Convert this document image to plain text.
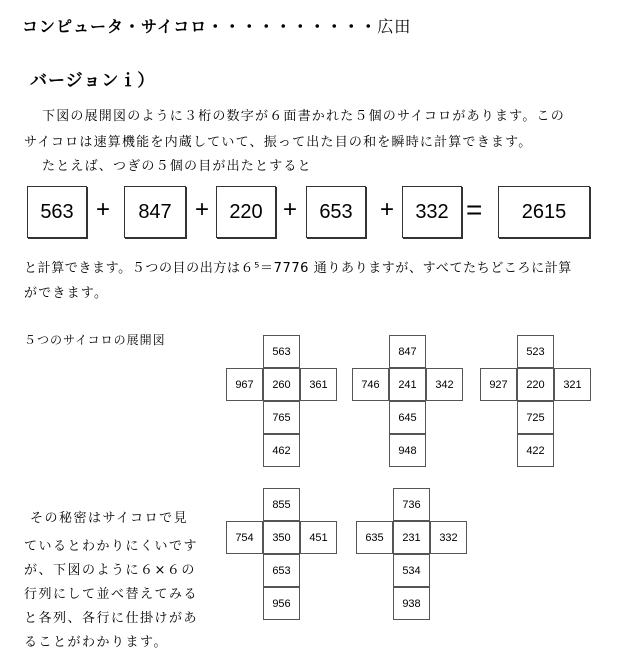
コンピュータ・サイコロ・・・・・・・・・・広田
バージョンｉ）
下図の展開図のように３桁の数字が６面書かれた５個のサイコロがあります。この
サイコロは速算機能を内蔵していて、振って出た目の和を瞬時に計算できます。
たとえば、つぎの５個の目が出たとすると
563 +	847 +	220 +	653	+	332 =	2615
と計算できます。５つの目の出方は６⁵＝7776 通りありますが、すべてたちどころに計算
ができます。
５つのサイコロの展開図
563
967	260	361
765
462
847
746	241	342
645
948
523
927	220	321
725
422
855
754	350	451
653
956
736
635	231	332
534
938
その秘密はサイコロで見
ているとわかりにくいです
が、下図のように６×６の
行列にして並べ替えてみる
と各列、各行に仕掛けがあ
ることがわかります。
